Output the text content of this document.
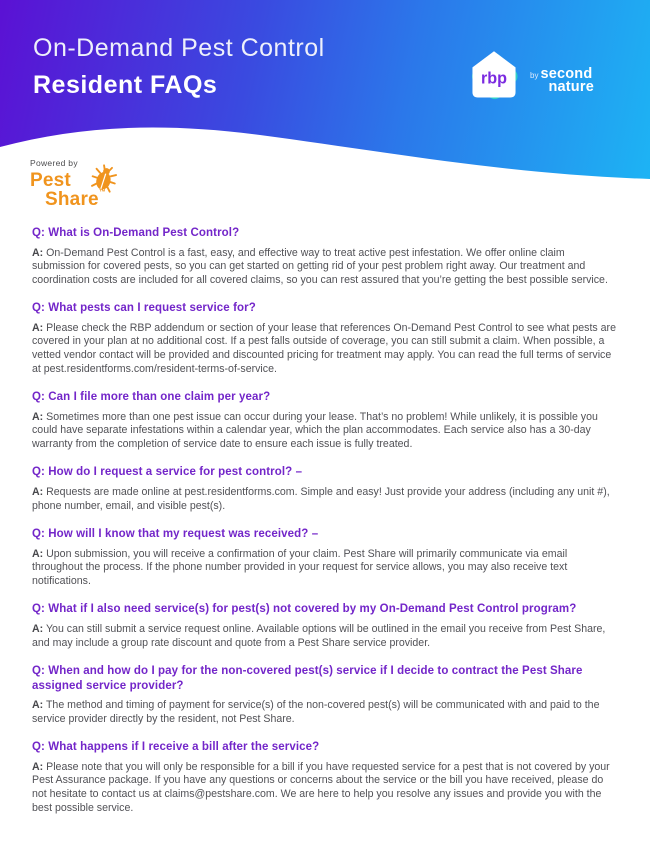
On-Demand Pest Control
Resident FAQs	rbp	by second
nature
Powered by
Pest
Share™
Q: What is On-Demand Pest Control?

A: On-Demand Pest Control is a fast, easy, and effective way to treat active pest infestation. We offer online claim submission for covered pests, so you can get started on getting rid of your pest problem right away. Our treatment and coordination costs are included for all covered claims, so you can rest assured that you’re getting the best possible service.

Q: What pests can I request service for?

A: Please check the RBP addendum or section of your lease that references On-Demand Pest Control to see what pests are covered in your plan at no additional cost. If a pest falls outside of coverage, you can still submit a claim. When possible, a vetted vendor contact will be provided and discounted pricing for treatment may apply. You can read the full terms of service at pest.residentforms.com/resident-terms-of-service.

Q: Can I file more than one claim per year?

A: Sometimes more than one pest issue can occur during your lease. That’s no problem! While unlikely, it is possible you could have separate infestations within a calendar year, which the plan accommodates. Each service also has a 30-day warranty from the completion of service date to ensure each issue is fully treated.

Q: How do I request a service for pest control? –

A: Requests are made online at pest.residentforms.com. Simple and easy! Just provide your address (including any unit #), phone number, email, and visible pest(s).

Q: How will I know that my request was received? –

A: Upon submission, you will receive a confirmation of your claim. Pest Share will primarily communicate via email throughout the process. If the phone number provided in your request for service allows, you may also receive text notifications.

Q: What if I also need service(s) for pest(s) not covered by my On-Demand Pest Control program?

A: You can still submit a service request online. Available options will be outlined in the email you receive from Pest Share, and may include a group rate discount and quote from a Pest Share service provider.

Q: When and how do I pay for the non-covered pest(s) service if I decide to contract the Pest Share assigned service provider?

A: The method and timing of payment for service(s) of the non-covered pest(s) will be communicated with and paid to the service provider directly by the resident, not Pest Share.

Q: What happens if I receive a bill after the service?

A: Please note that you will only be responsible for a bill if you have requested service for a pest that is not covered by your Pest Assurance package. If you have any questions or concerns about the service or the bill you have received, please do not hesitate to contact us at claims@pestshare.com. We are here to help you resolve any issues and provide you with the best possible service.
